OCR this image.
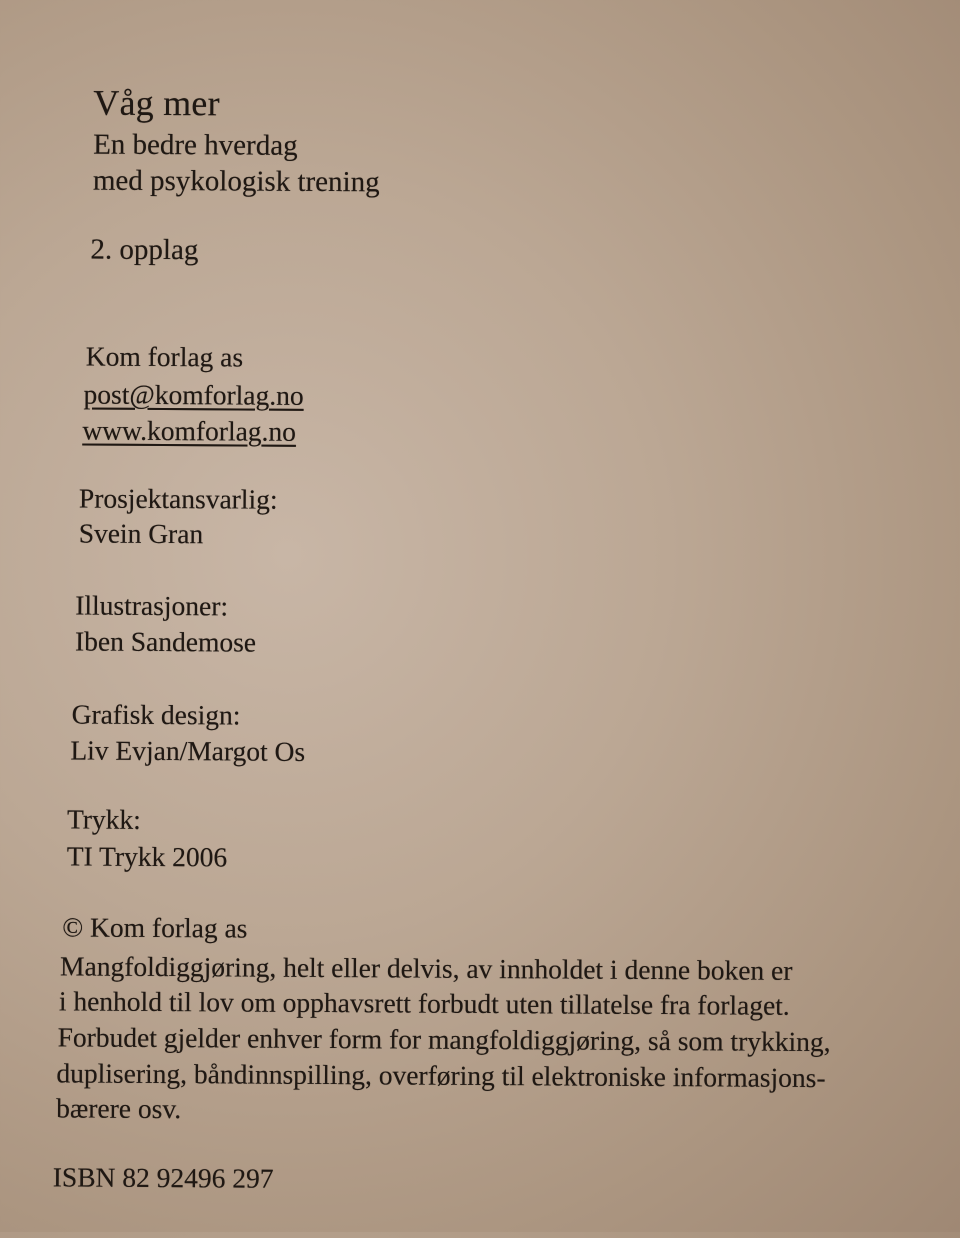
Våg mer
En bedre hverdag
med psykologisk trening
2. opplag
Kom forlag as
post@komforlag.no
www.komforlag.no
Prosjektansvarlig:
Svein Gran
Illustrasjoner:
Iben Sandemose
Grafisk design:
Liv Evjan/Margot Os
Trykk:
TI Trykk 2006
© Kom forlag as
Mangfoldiggjøring, helt eller delvis, av innholdet i denne boken er
i henhold til lov om opphavsrett forbudt uten tillatelse fra forlaget.
Forbudet gjelder enhver form for mangfoldiggjøring, så som trykking,
duplisering, båndinnspilling, overføring til elektroniske informasjons-
bærere osv.
ISBN 82 92496 297
